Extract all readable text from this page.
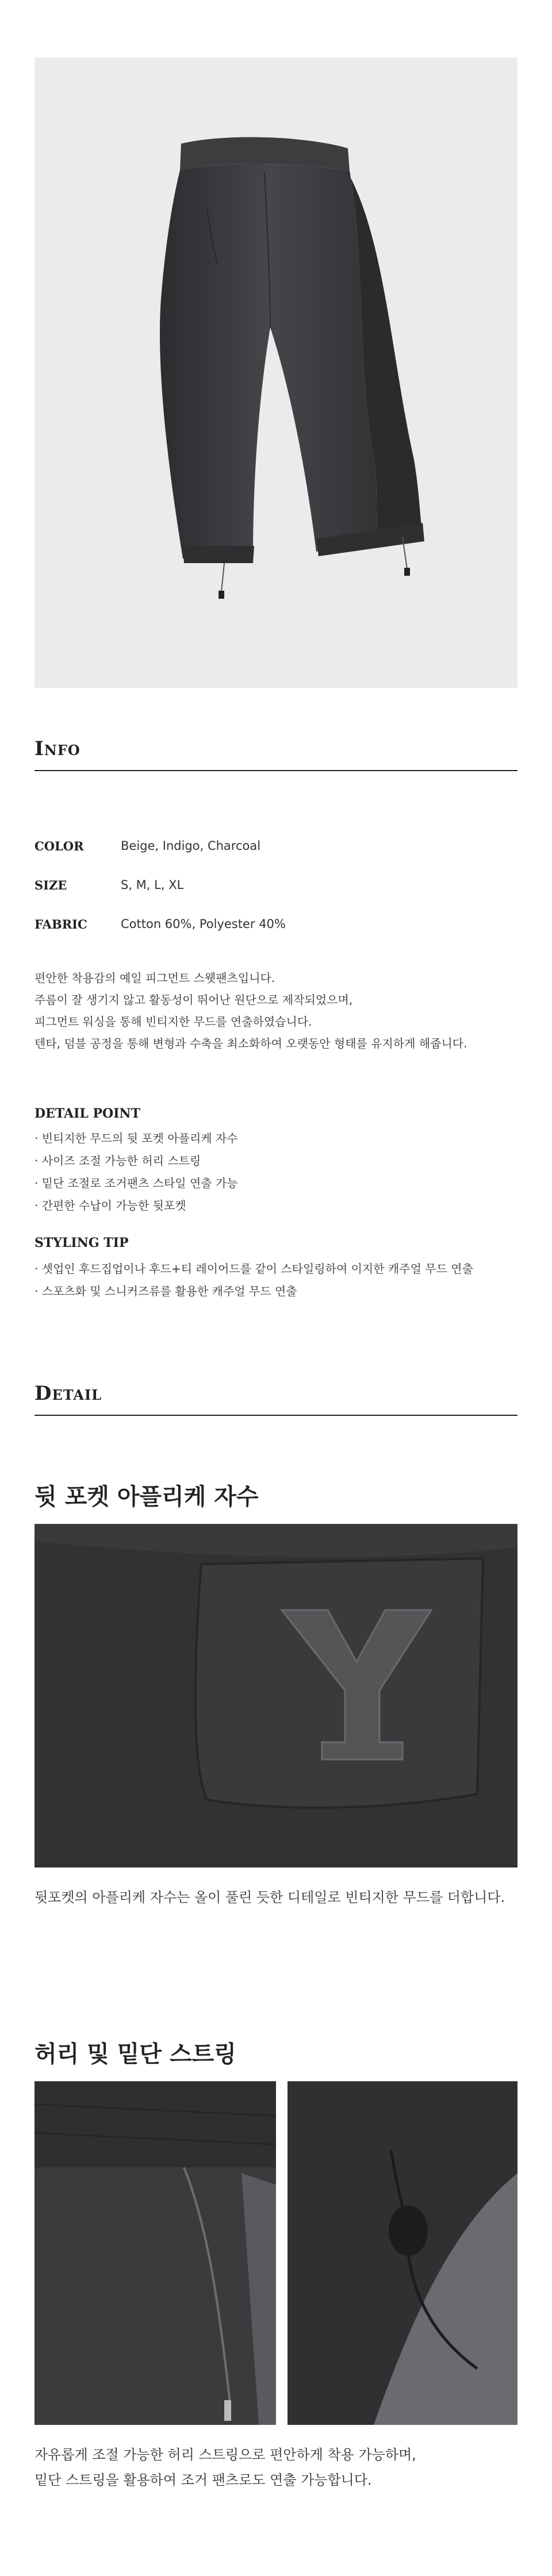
Info
COLOR	Beige, Indigo, Charcoal
SIZE	S, M, L, XL
FABRIC	Cotton 60%, Polyester 40%
편안한 착용감의 예일 피그먼트 스웻팬츠입니다.
주름이 잘 생기지 않고 활동성이 뛰어난 원단으로 제작되었으며,
피그먼트 워싱을 통해 빈티지한 무드를 연출하였습니다.
텐타, 덤블 공정을 통해 변형과 수축을 최소화하여 오랫동안 형태를 유지하게 해줍니다.
DETAIL POINT
· 빈티지한 무드의 뒷 포켓 아플리케 자수
· 사이즈 조절 가능한 허리 스트링
· 밑단 조절로 조거팬츠 스타일 연출 가능
· 간편한 수납이 가능한 뒷포켓
STYLING TIP
· 셋업인 후드집업이나 후드+티 레이어드를 같이 스타일링하여 이지한 캐주얼 무드 연출
· 스포츠화 및 스니커즈류를 활용한 캐주얼 무드 연출
Detail
뒷 포켓 아플리케 자수
뒷포켓의 아플리케 자수는 올이 풀린 듯한 디테일로 빈티지한 무드를 더합니다.
허리 및 밑단 스트링
자유롭게 조절 가능한 허리 스트링으로 편안하게 착용 가능하며,
밑단 스트링을 활용하여 조거 팬츠로도 연출 가능합니다.
